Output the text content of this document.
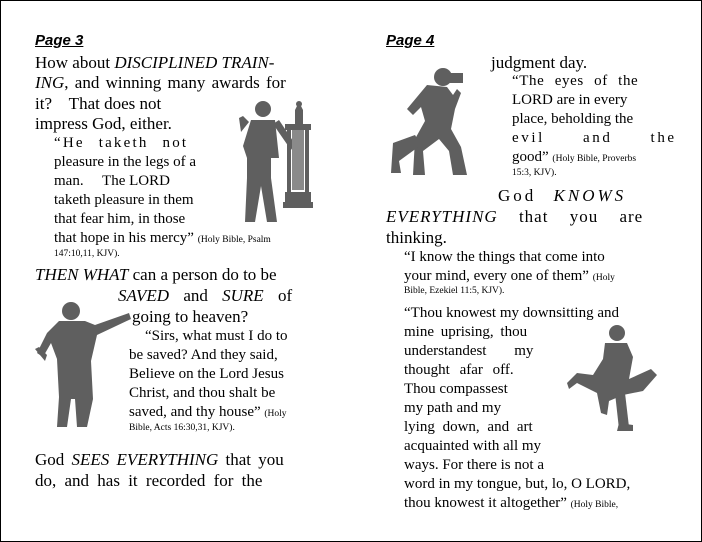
Page 3
How about DISCIPLINED TRAIN-
ING, and winning many awards for
it?    That does not
impress God, either.
“He taketh not
pleasure in the legs of a
man.     The LORD
taketh pleasure in them
that fear him, in those
that hope in his mercy” (Holy Bible, Psalm
147:10,11, KJV).
THEN WHAT can a person do to be
SAVED and SURE of
going to heaven?
“Sirs, what must I do to
be saved? And they said,
Believe on the Lord Jesus
Christ, and thou shalt be
saved, and thy house” (Holy
Bible, Acts 16:30,31, KJV).
God SEES EVERYTHING that you
do, and has it recorded for the
Page 4
judgment day.
“The eyes of the
LORD are in every
place, beholding the
evil      and      the
good” (Holy Bible, Proverbs
15:3, KJV).
God KNOWS
EVERYTHING that you are
thinking.
“I know the things that come into
your mind, every one of them” (Holy
Bible, Ezekiel 11:5, KJV).
“Thou knowest my downsitting and
mine uprising, thou
understandest my
thought afar off.
Thou compassest
my path and my
lying down, and art
acquainted with all my
ways. For there is not a
word in my tongue, but, lo, O LORD,
thou knowest it altogether” (Holy Bible,
